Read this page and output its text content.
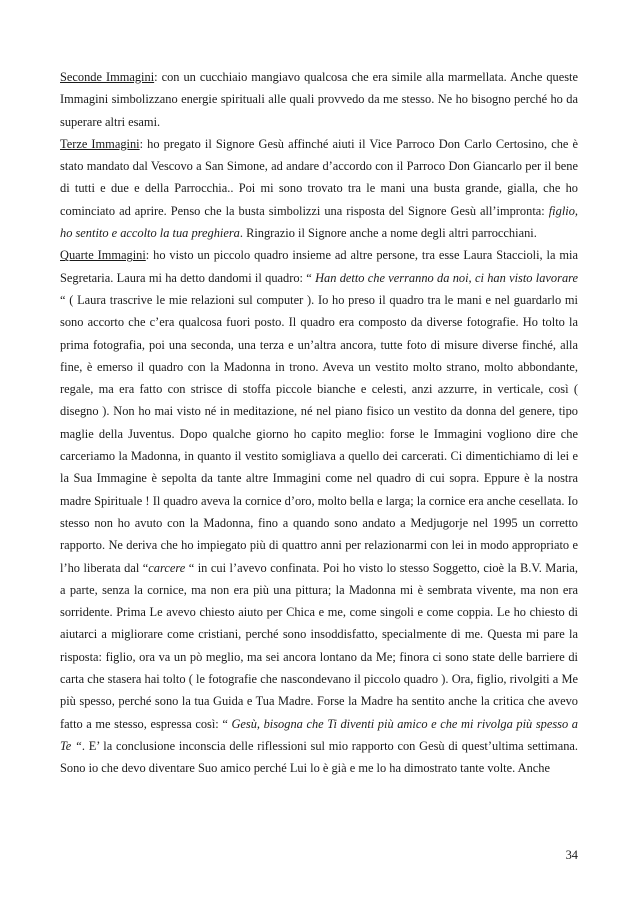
Seconde Immagini: con un cucchiaio mangiavo qualcosa che era simile alla marmellata. Anche queste Immagini simbolizzano energie spirituali alle quali provvedo da me stesso. Ne ho bisogno perché ho da superare altri esami.

Terze Immagini: ho pregato il Signore Gesù affinché aiuti il Vice Parroco Don Carlo Certosino, che è stato mandato dal Vescovo a San Simone, ad andare d’accordo con il Parroco Don Giancarlo per il bene di tutti e due e della Parrocchia.. Poi mi sono trovato tra le mani una busta grande, gialla, che ho cominciato ad aprire. Penso che la busta simbolizzi una risposta del Signore Gesù all’impronta: figlio, ho sentito e accolto la tua preghiera. Ringrazio il Signore anche a nome degli altri parrocchiani.

Quarte Immagini: ho visto un piccolo quadro insieme ad altre persone, tra esse Laura Staccioli, la mia Segretaria. Laura mi ha detto dandomi il quadro: “ Han detto che verranno da noi, ci han visto lavorare “ ( Laura trascrive le mie relazioni sul computer ). Io ho preso il quadro tra le mani e nel guardarlo mi sono accorto che c’era qualcosa fuori posto. Il quadro era composto da diverse fotografie. Ho tolto la prima fotografia, poi una seconda, una terza e un’altra ancora, tutte foto di misure diverse finché, alla fine, è emerso il quadro con la Madonna in trono. Aveva un vestito molto strano, molto abbondante, regale, ma era fatto con strisce di stoffa piccole bianche e celesti, anzi azzurre, in verticale, così ( disegno ). Non ho mai visto né in meditazione, né nel piano fisico un vestito da donna del genere, tipo maglie della Juventus. Dopo qualche giorno ho capito meglio: forse le Immagini vogliono dire che carceriamo la Madonna, in quanto il vestito somigliava a quello dei carcerati. Ci dimentichiamo di lei e la Sua Immagine è sepolta da tante altre Immagini come nel quadro di cui sopra. Eppure è la nostra madre Spirituale ! Il quadro aveva la cornice d’oro, molto bella e larga; la cornice era anche cesellata. Io stesso non ho avuto con la Madonna, fino a quando sono andato a Medjugorje nel 1995 un corretto rapporto. Ne deriva che ho impiegato più di quattro anni per relazionarmi con lei in modo appropriato e l’ho liberata dal “carcere “ in cui l’avevo confinata. Poi ho visto lo stesso Soggetto, cioè la B.V. Maria, a parte, senza la cornice, ma non era più una pittura; la Madonna mi è sembrata vivente, ma non era sorridente. Prima Le avevo chiesto aiuto per Chica e me, come singoli e come coppia. Le ho chiesto di aiutarci a migliorare come cristiani, perché sono insoddisfatto, specialmente di me. Questa mi pare la risposta: figlio, ora va un pò meglio, ma sei ancora lontano da Me; finora ci sono state delle barriere di carta che stasera hai tolto ( le fotografie che nascondevano il piccolo quadro ). Ora, figlio, rivolgiti a Me più spesso, perché sono la tua Guida e Tua Madre. Forse la Madre ha sentito anche la critica che avevo fatto a me stesso, espressa così: “ Gesù, bisogna che Ti diventi più amico e che mi rivolga più spesso a Te “. E’ la conclusione inconscia delle riflessioni sul mio rapporto con Gesù di quest’ultima settimana. Sono io che devo diventare Suo amico perché Lui lo è già e me lo ha dimostrato tante volte. Anche

34
